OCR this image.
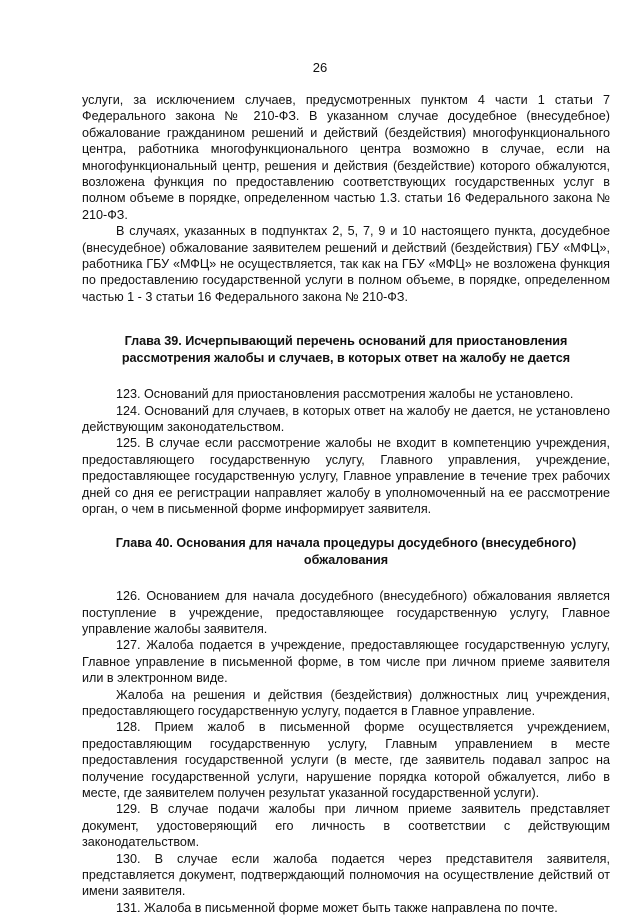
26

услуги, за исключением случаев, предусмотренных пунктом 4 части 1 статьи 7 Федерального закона № 210-ФЗ. В указанном случае досудебное (внесудебное) обжалование гражданином решений и действий (бездействия) многофункционального центра, работника многофункционального центра возможно в случае, если на многофункциональный центр, решения и действия (бездействие) которого обжалуются, возложена функция по предоставлению соответствующих государственных услуг в полном объеме в порядке, определенном частью 1.3. статьи 16 Федерального закона № 210-ФЗ.

В случаях, указанных в подпунктах 2, 5, 7, 9 и 10 настоящего пункта, досудебное (внесудебное) обжалование заявителем решений и действий (бездействия) ГБУ «МФЦ», работника ГБУ «МФЦ» не осуществляется, так как на ГБУ «МФЦ» не возложена функция по предоставлению государственной услуги в полном объеме, в порядке, определенном частью 1 - 3 статьи 16 Федерального закона № 210-ФЗ.

Глава 39. Исчерпывающий перечень оснований для приостановления рассмотрения жалобы и случаев, в которых ответ на жалобу не дается

123. Оснований для приостановления рассмотрения жалобы не установлено.

124. Оснований для случаев, в которых ответ на жалобу не дается, не установлено действующим законодательством.

125. В случае если рассмотрение жалобы не входит в компетенцию учреждения, предоставляющего государственную услугу, Главного управления, учреждение, предоставляющее государственную услугу, Главное управление в течение трех рабочих дней со дня ее регистрации направляет жалобу в уполномоченный на ее рассмотрение орган, о чем в письменной форме информирует заявителя.

Глава 40. Основания для начала процедуры досудебного (внесудебного) обжалования

126. Основанием для начала досудебного (внесудебного) обжалования является поступление в учреждение, предоставляющее государственную услугу, Главное управление жалобы заявителя.

127. Жалоба подается в учреждение, предоставляющее государственную услугу, Главное управление в письменной форме, в том числе при личном приеме заявителя или в электронном виде.

Жалоба на решения и действия (бездействия) должностных лиц учреждения, предоставляющего государственную услугу, подается в Главное управление.

128. Прием жалоб в письменной форме осуществляется учреждением, предоставляющим государственную услугу, Главным управлением в месте предоставления государственной услуги (в месте, где заявитель подавал запрос на получение государственной услуги, нарушение порядка которой обжалуется, либо в месте, где заявителем получен результат указанной государственной услуги).

129. В случае подачи жалобы при личном приеме заявитель представляет документ, удостоверяющий его личность в соответствии с действующим законодательством.

130. В случае если жалоба подается через представителя заявителя, представляется документ, подтверждающий полномочия на осуществление действий от имени заявителя.

131. Жалоба в письменной форме может быть также направлена по почте.
